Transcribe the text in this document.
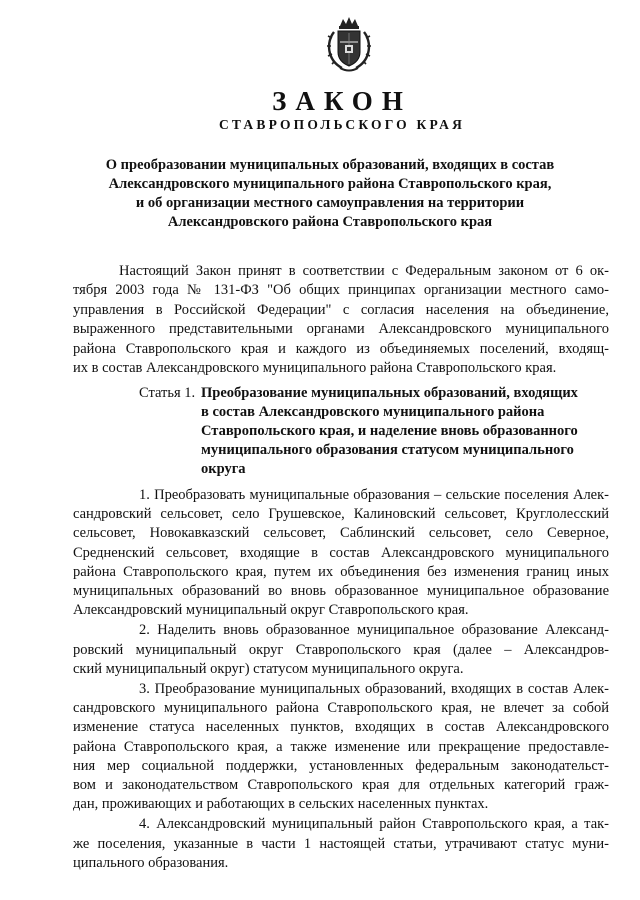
ЗАКОН
СТАВРОПОЛЬСКОГО КРАЯ
О преобразовании муниципальных образований, входящих в состав
Александровского муниципального района Ставропольского края,
и об организации местного самоуправления на территории
Александровского района Ставропольского края
Настоящий Закон принят в соответствии с Федеральным законом от 6 ок-
тября 2003 года № 131-ФЗ "Об общих принципах организации местного само-
управления в Российской Федерации" с согласия населения на объединение,
выраженного представительными органами Александровского муниципального
района Ставропольского края и каждого из объединяемых поселений, входящ-
их в состав Александровского муниципального района Ставропольского края.
Статья 1. Преобразование муниципальных образований, входящих
в состав Александровского муниципального района
Ставропольского края, и наделение вновь образованного
муниципального образования статусом муниципального
округа
1. Преобразовать муниципальные образования – сельские поселения Алек-
сандровский сельсовет, село Грушевское, Калиновский сельсовет, Круглолесский
сельсовет, Новокавказский сельсовет, Саблинский сельсовет, село Северное,
Средненский сельсовет, входящие в состав Александровского муниципального
района Ставропольского края, путем их объединения без изменения границ иных
муниципальных образований во вновь образованное муниципальное образование
Александровский муниципальный округ Ставропольского края.
2. Наделить вновь образованное муниципальное образование Александ-
ровский муниципальный округ Ставропольского края (далее – Александров-
ский муниципальный округ) статусом муниципального округа.
3. Преобразование муниципальных образований, входящих в состав Алек-
сандровского муниципального района Ставропольского края, не влечет за собой
изменение статуса населенных пунктов, входящих в состав Александровского
района Ставропольского края, а также изменение или прекращение предоставле-
ния мер социальной поддержки, установленных федеральным законодательст-
вом и законодательством Ставропольского края для отдельных категорий граж-
дан, проживающих и работающих в сельских населенных пунктах.
4. Александровский муниципальный район Ставропольского края, а так-
же поселения, указанные в части 1 настоящей статьи, утрачивают статус муни-
ципального образования.
